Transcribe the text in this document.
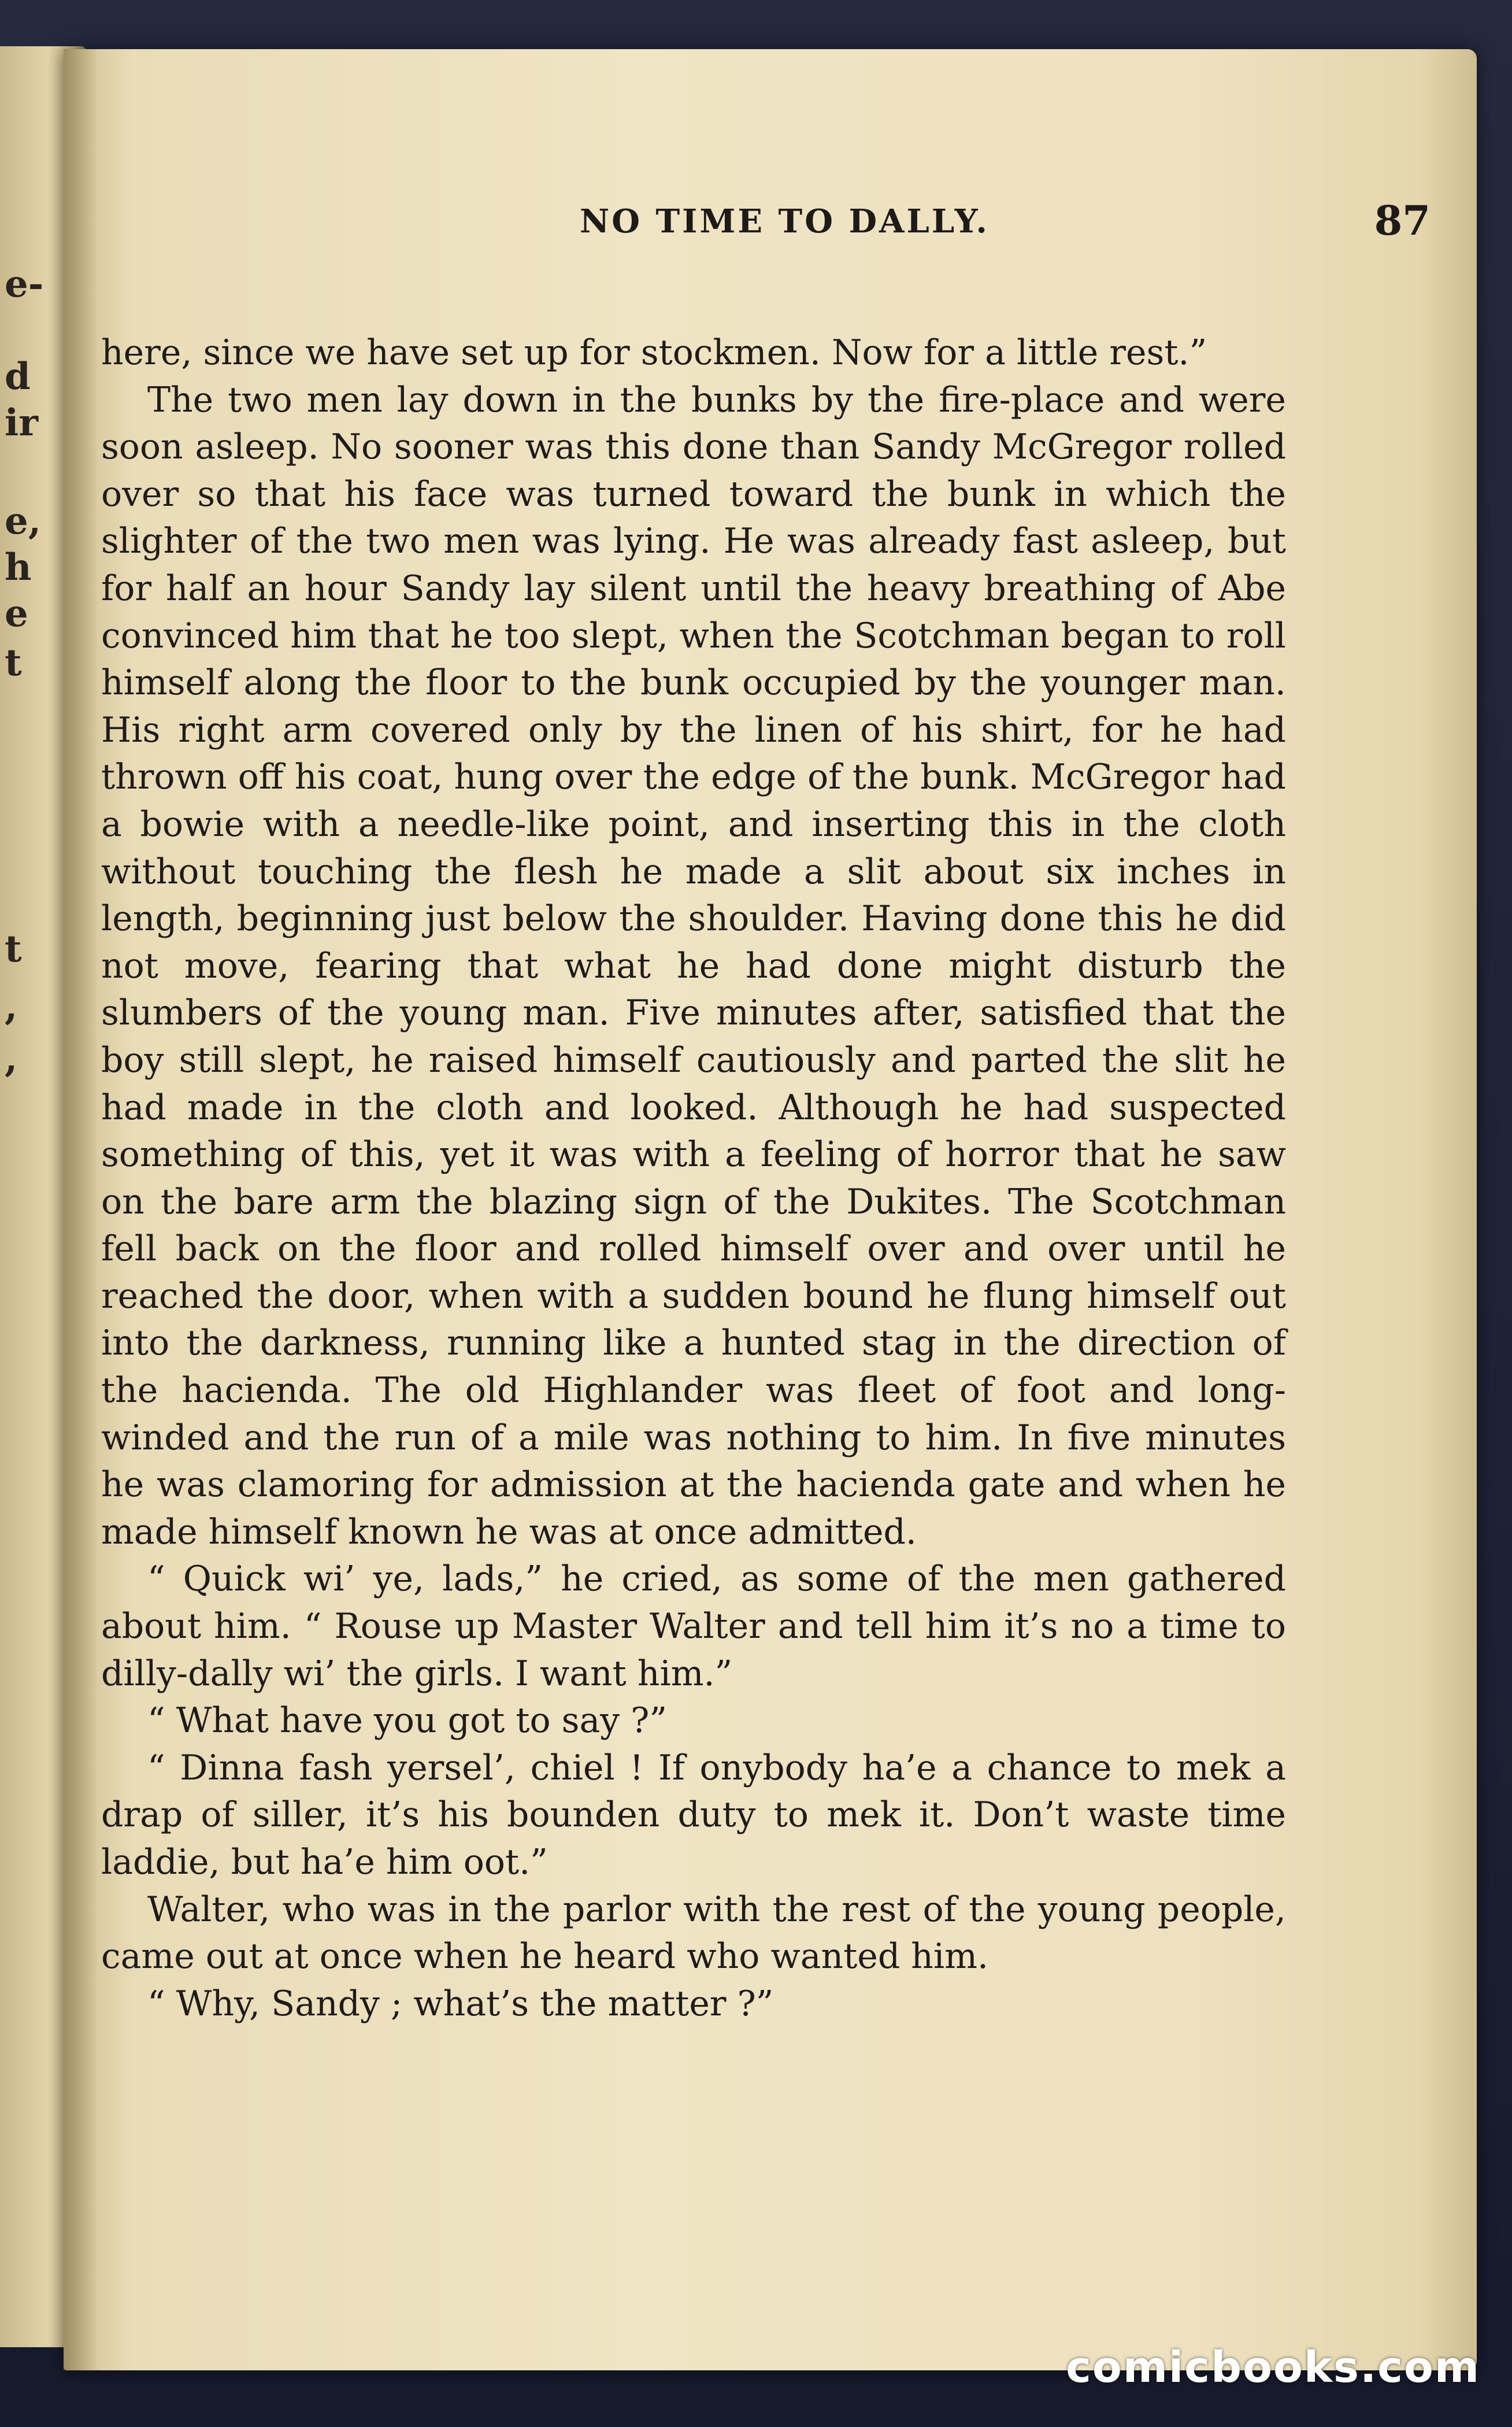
e-
d
ir
e,
h
e
t
t
,
,
NO TIME TO DALLY.	87

here, since we have set up for stockmen. Now for a little rest.”

The two men lay down in the bunks by the fire-place and were soon asleep. No sooner was this done than Sandy McGregor rolled over so that his face was turned toward the bunk in which the slighter of the two men was lying. He was already fast asleep, but for half an hour Sandy lay silent until the heavy breathing of Abe convinced him that he too slept, when the Scotchman began to roll himself along the floor to the bunk occupied by the younger man. His right arm covered only by the linen of his shirt, for he had thrown off his coat, hung over the edge of the bunk. McGregor had a bowie with a needle-like point, and inserting this in the cloth without touching the flesh he made a slit about six inches in length, beginning just below the shoulder. Having done this he did not move, fearing that what he had done might disturb the slumbers of the young man. Five minutes after, satisfied that the boy still slept, he raised himself cautiously and parted the slit he had made in the cloth and looked. Although he had suspected something of this, yet it was with a feeling of horror that he saw on the bare arm the blazing sign of the Dukites. The Scotchman fell back on the floor and rolled himself over and over until he reached the door, when with a sudden bound he flung himself out into the darkness, running like a hunted stag in the direction of the hacienda. The old Highlander was fleet of foot and long-winded and the run of a mile was nothing to him. In five minutes he was clamoring for admission at the hacienda gate and when he made himself known he was at once admitted.

“ Quick wi’ ye, lads,” he cried, as some of the men gathered about him. “ Rouse up Master Walter and tell him it’s no a time to dilly-dally wi’ the girls. I want him.”

“ What have you got to say ?”

“ Dinna fash yersel’, chiel ! If onybody ha’e a chance to mek a drap of siller, it’s his bounden duty to mek it. Don’t waste time laddie, but ha’e him oot.”

Walter, who was in the parlor with the rest of the young people, came out at once when he heard who wanted him.

“ Why, Sandy ; what’s the matter ?”

comicbooks.com
